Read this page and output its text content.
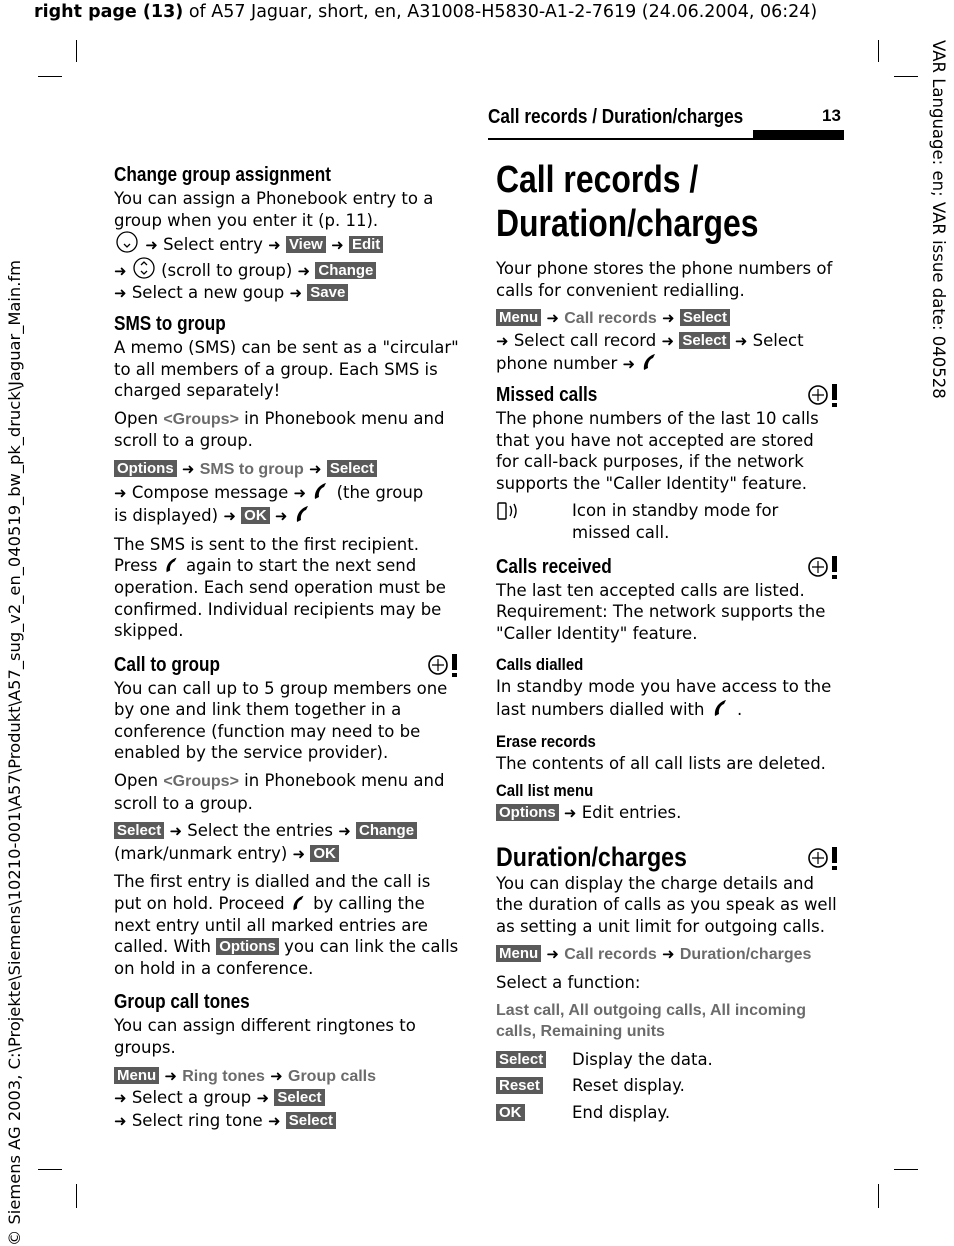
right page (13) of A57 Jaguar, short, en, A31008-H5830-A1-2-7619 (24.06.2004, 06:24)
VAR Language: en; VAR issue date: 040528
© Siemens AG 2003, C:\Projekte\Siemens\10210-001\A57\Produkt\A57_sug_v2_en_040519_bw_pk_druck\Jaguar_Main.fm
Call records / Duration/charges	13
Change group assignment

You can assign a Phonebook entry to a group when you enter it (p. 11).

➜ Select entry ➜ View ➜ Edit
➜ (scroll to group) ➜ Change
➜ Select a new goup ➜ Save

SMS to group

A memo (SMS) can be sent as a "circular" to all members of a group. Each SMS is charged separately!

Open <Groups> in Phonebook menu and scroll to a group.

Options ➜ SMS to group ➜ Select
➜ Compose message ➜ (the group
is displayed) ➜ OK ➜

The SMS is sent to the first recipient. Press again to start the next send operation. Each send operation must be confirmed. Individual recipients may be skipped.

Call to group

You can call up to 5 group members one by one and link them together in a conference (function may need to be enabled by the service provider).

Open <Groups> in Phonebook menu and scroll to a group.

Select ➜ Select the entries ➜ Change
(mark/unmark entry) ➜ OK

The first entry is dialled and the call is put on hold. Proceed by calling the next entry until all marked entries are called. With Options you can link the calls on hold in a conference.

Group call tones

You can assign different ringtones to groups.

Menu ➜ Ring tones ➜ Group calls
➜ Select a group ➜ Select
➜ Select ring tone ➜ Select

Call records /
Duration/charges

Your phone stores the phone numbers of calls for convenient redialling.

Menu ➜ Call records ➜ Select
➜ Select call record ➜ Select ➜ Select
phone number ➜

Missed calls

The phone numbers of the last 10 calls that you have not accepted are stored for call-back purposes, if the network supports the "Caller Identity" feature.

Icon in standby mode for missed call.
Calls received

The last ten accepted calls are listed. Requirement: The network supports the "Caller Identity" feature.

Calls dialled

In standby mode you have access to the last numbers dialled with  .

Erase records

The contents of all call lists are deleted.

Call list menu

Options ➜ Edit entries.

Duration/charges

You can display the charge details and the duration of calls as you speak as well as setting a unit limit for outgoing calls.

Menu ➜ Call records ➜ Duration/charges

Select a function:

Last call, All outgoing calls, All incoming calls, Remaining units

Select	Display the data.
Reset	Reset display.
OK	End display.
